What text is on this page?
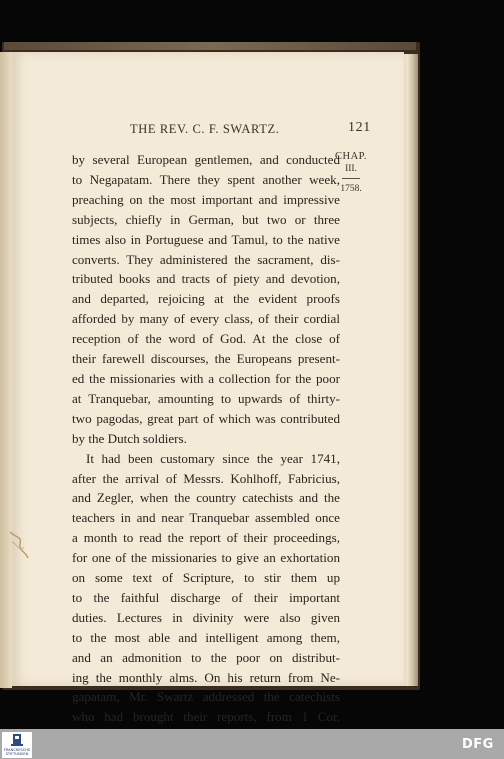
THE REV. C. F. SWARTZ.	121
CHAP.
III.
1758.
by several European gentlemen, and conducted
to Negapatam. There they spent another week,
preaching on the most important and impressive
subjects, chiefly in German, but two or three
times also in Portuguese and Tamul, to the native
converts. They administered the sacrament, dis-
tributed books and tracts of piety and devotion,
and departed, rejoicing at the evident proofs
afforded by many of every class, of their cordial
reception of the word of God. At the close of
their farewell discourses, the Europeans present-
ed the missionaries with a collection for the poor
at Tranquebar, amounting to upwards of thirty-
two pagodas, great part of which was contributed
by the Dutch soldiers.
It had been customary since the year 1741,
after the arrival of Messrs. Kohlhoff, Fabricius,
and Zegler, when the country catechists and the
teachers in and near Tranquebar assembled once
a month to read the report of their proceedings,
for one of the missionaries to give an exhortation
on some text of Scripture, to stir them up
to the faithful discharge of their important
duties. Lectures in divinity were also given
to the most able and intelligent among them,
and an admonition to the poor on distribut-
ing the monthly alms. On his return from Ne-
gapatam, Mr. Swartz addressed the catechists
who had brought their reports, from 1 Cor.
FRANCKESCHE STIFTUNGEN
DFG
